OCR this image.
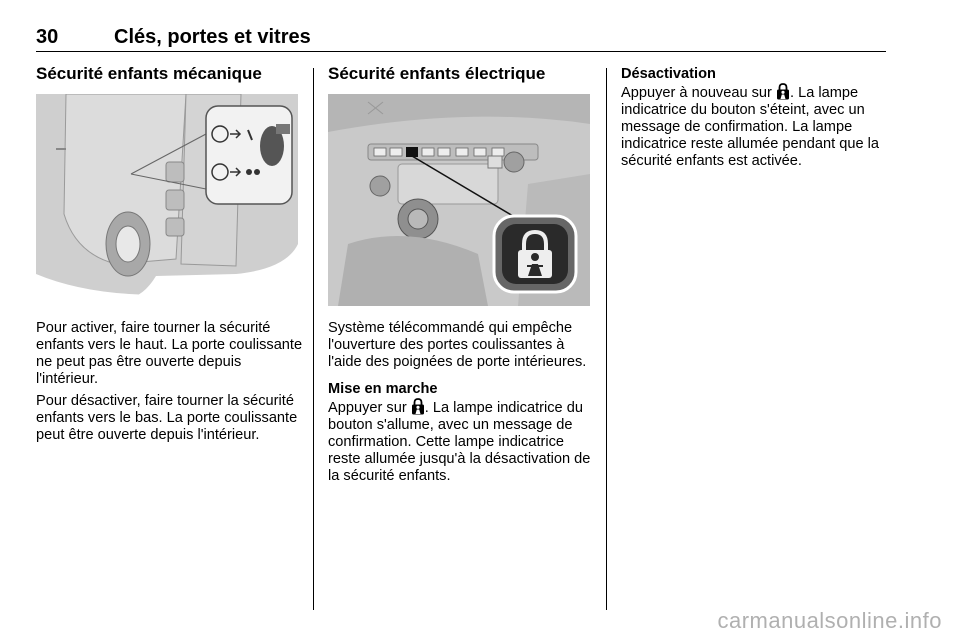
30	Clés, portes et vitres
Sécurité enfants mécanique

Pour activer, faire tourner la sécurité enfants vers le haut. La porte coulissante ne peut pas être ouverte depuis l'intérieur.

Pour désactiver, faire tourner la sécurité enfants vers le bas. La porte coulissante peut être ouverte depuis l'intérieur.

Sécurité enfants électrique

Système télécommandé qui empêche l'ouverture des portes coulissantes à l'aide des poignées de porte intérieures.

Mise en marche
Appuyer sur . La lampe indicatrice du bouton s'allume, avec un message de confirmation. Cette lampe indicatrice reste allumée jusqu'à la désactivation de la sécurité enfants.

Désactivation
Appuyer à nouveau sur . La lampe indicatrice du bouton s'éteint, avec un message de confirmation. La lampe indicatrice reste allumée pendant que la sécurité enfants est activée.

carmanualsonline.info
